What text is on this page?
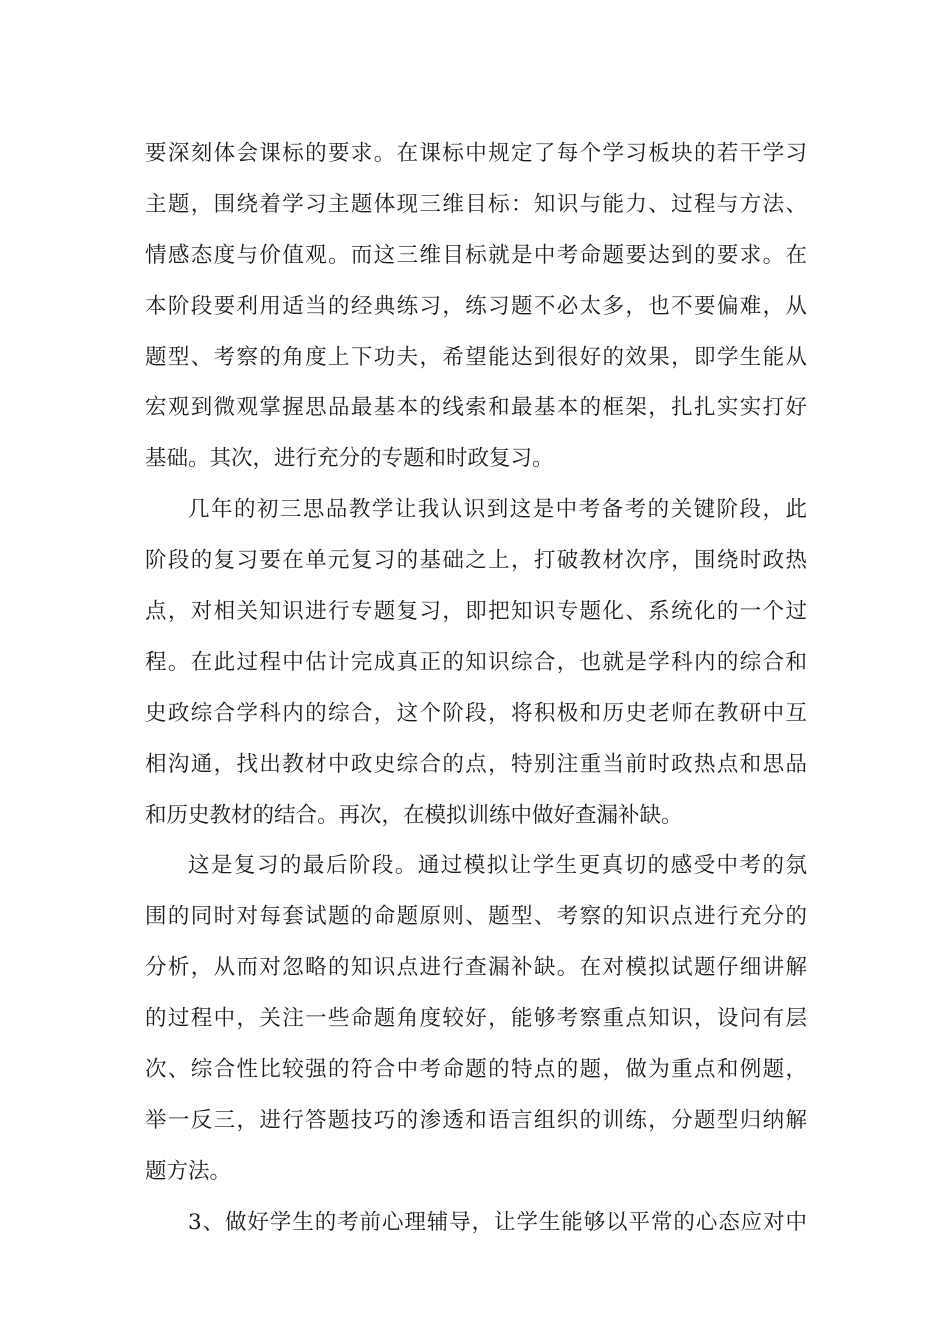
要深刻体会课标的要求。在课标中规定了每个学习板块的若干学习
主题，围绕着学习主题体现三维目标：知识与能力、过程与方法、
情感态度与价值观。而这三维目标就是中考命题要达到的要求。在
本阶段要利用适当的经典练习，练习题不必太多，也不要偏难，从
题型、考察的角度上下功夫，希望能达到很好的效果，即学生能从
宏观到微观掌握思品最基本的线索和最基本的框架，扎扎实实打好
基础。其次，进行充分的专题和时政复习。
几年的初三思品教学让我认识到这是中考备考的关键阶段，此
阶段的复习要在单元复习的基础之上，打破教材次序，围绕时政热
点，对相关知识进行专题复习，即把知识专题化、系统化的一个过
程。在此过程中估计完成真正的知识综合，也就是学科内的综合和
史政综合学科内的综合，这个阶段，将积极和历史老师在教研中互
相沟通，找出教材中政史综合的点，特别注重当前时政热点和思品
和历史教材的结合。再次，在模拟训练中做好查漏补缺。
这是复习的最后阶段。通过模拟让学生更真切的感受中考的氛
围的同时对每套试题的命题原则、题型、考察的知识点进行充分的
分析，从而对忽略的知识点进行查漏补缺。在对模拟试题仔细讲解
的过程中，关注一些命题角度较好，能够考察重点知识，设问有层
次、综合性比较强的符合中考命题的特点的题，做为重点和例题，
举一反三，进行答题技巧的渗透和语言组织的训练，分题型归纳解
题方法。
3、做好学生的考前心理辅导，让学生能够以平常的心态应对中
